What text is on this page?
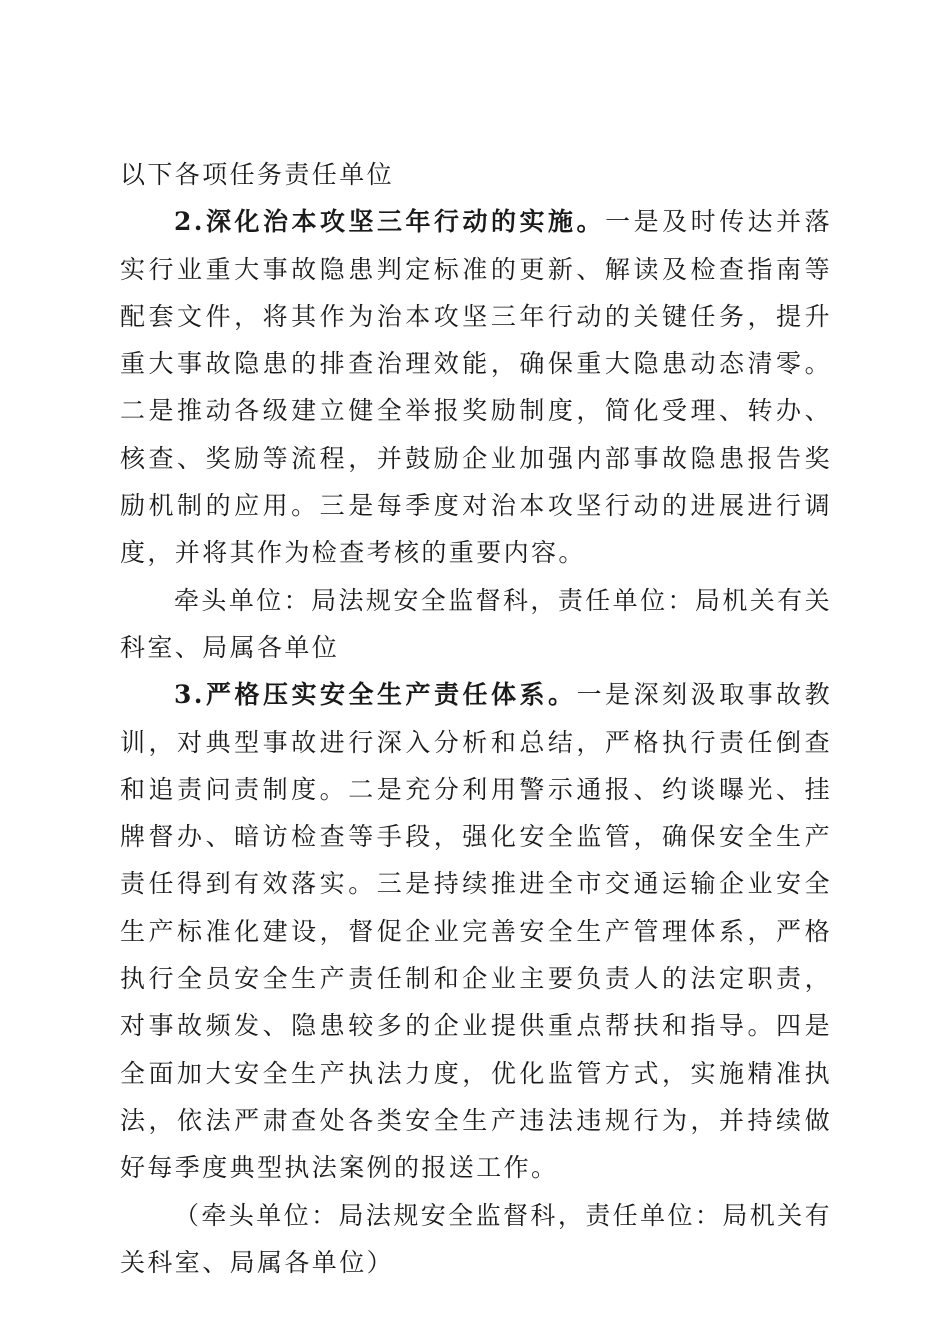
以下各项任务责任单位

2.深化治本攻坚三年行动的实施。一是及时传达并落实行业重大事故隐患判定标准的更新、解读及检查指南等配套文件，将其作为治本攻坚三年行动的关键任务，提升重大事故隐患的排查治理效能，确保重大隐患动态清零。二是推动各级建立健全举报奖励制度，简化受理、转办、核查、奖励等流程，并鼓励企业加强内部事故隐患报告奖励机制的应用。三是每季度对治本攻坚行动的进展进行调度，并将其作为检查考核的重要内容。

牵头单位：局法规安全监督科，责任单位：局机关有关科室、局属各单位

3.严格压实安全生产责任体系。一是深刻汲取事故教训，对典型事故进行深入分析和总结，严格执行责任倒查和追责问责制度。二是充分利用警示通报、约谈曝光、挂牌督办、暗访检查等手段，强化安全监管，确保安全生产责任得到有效落实。三是持续推进全市交通运输企业安全生产标准化建设，督促企业完善安全生产管理体系，严格执行全员安全生产责任制和企业主要负责人的法定职责，对事故频发、隐患较多的企业提供重点帮扶和指导。四是全面加大安全生产执法力度，优化监管方式，实施精准执法，依法严肃查处各类安全生产违法违规行为，并持续做好每季度典型执法案例的报送工作。

（牵头单位：局法规安全监督科，责任单位：局机关有关科室、局属各单位）
